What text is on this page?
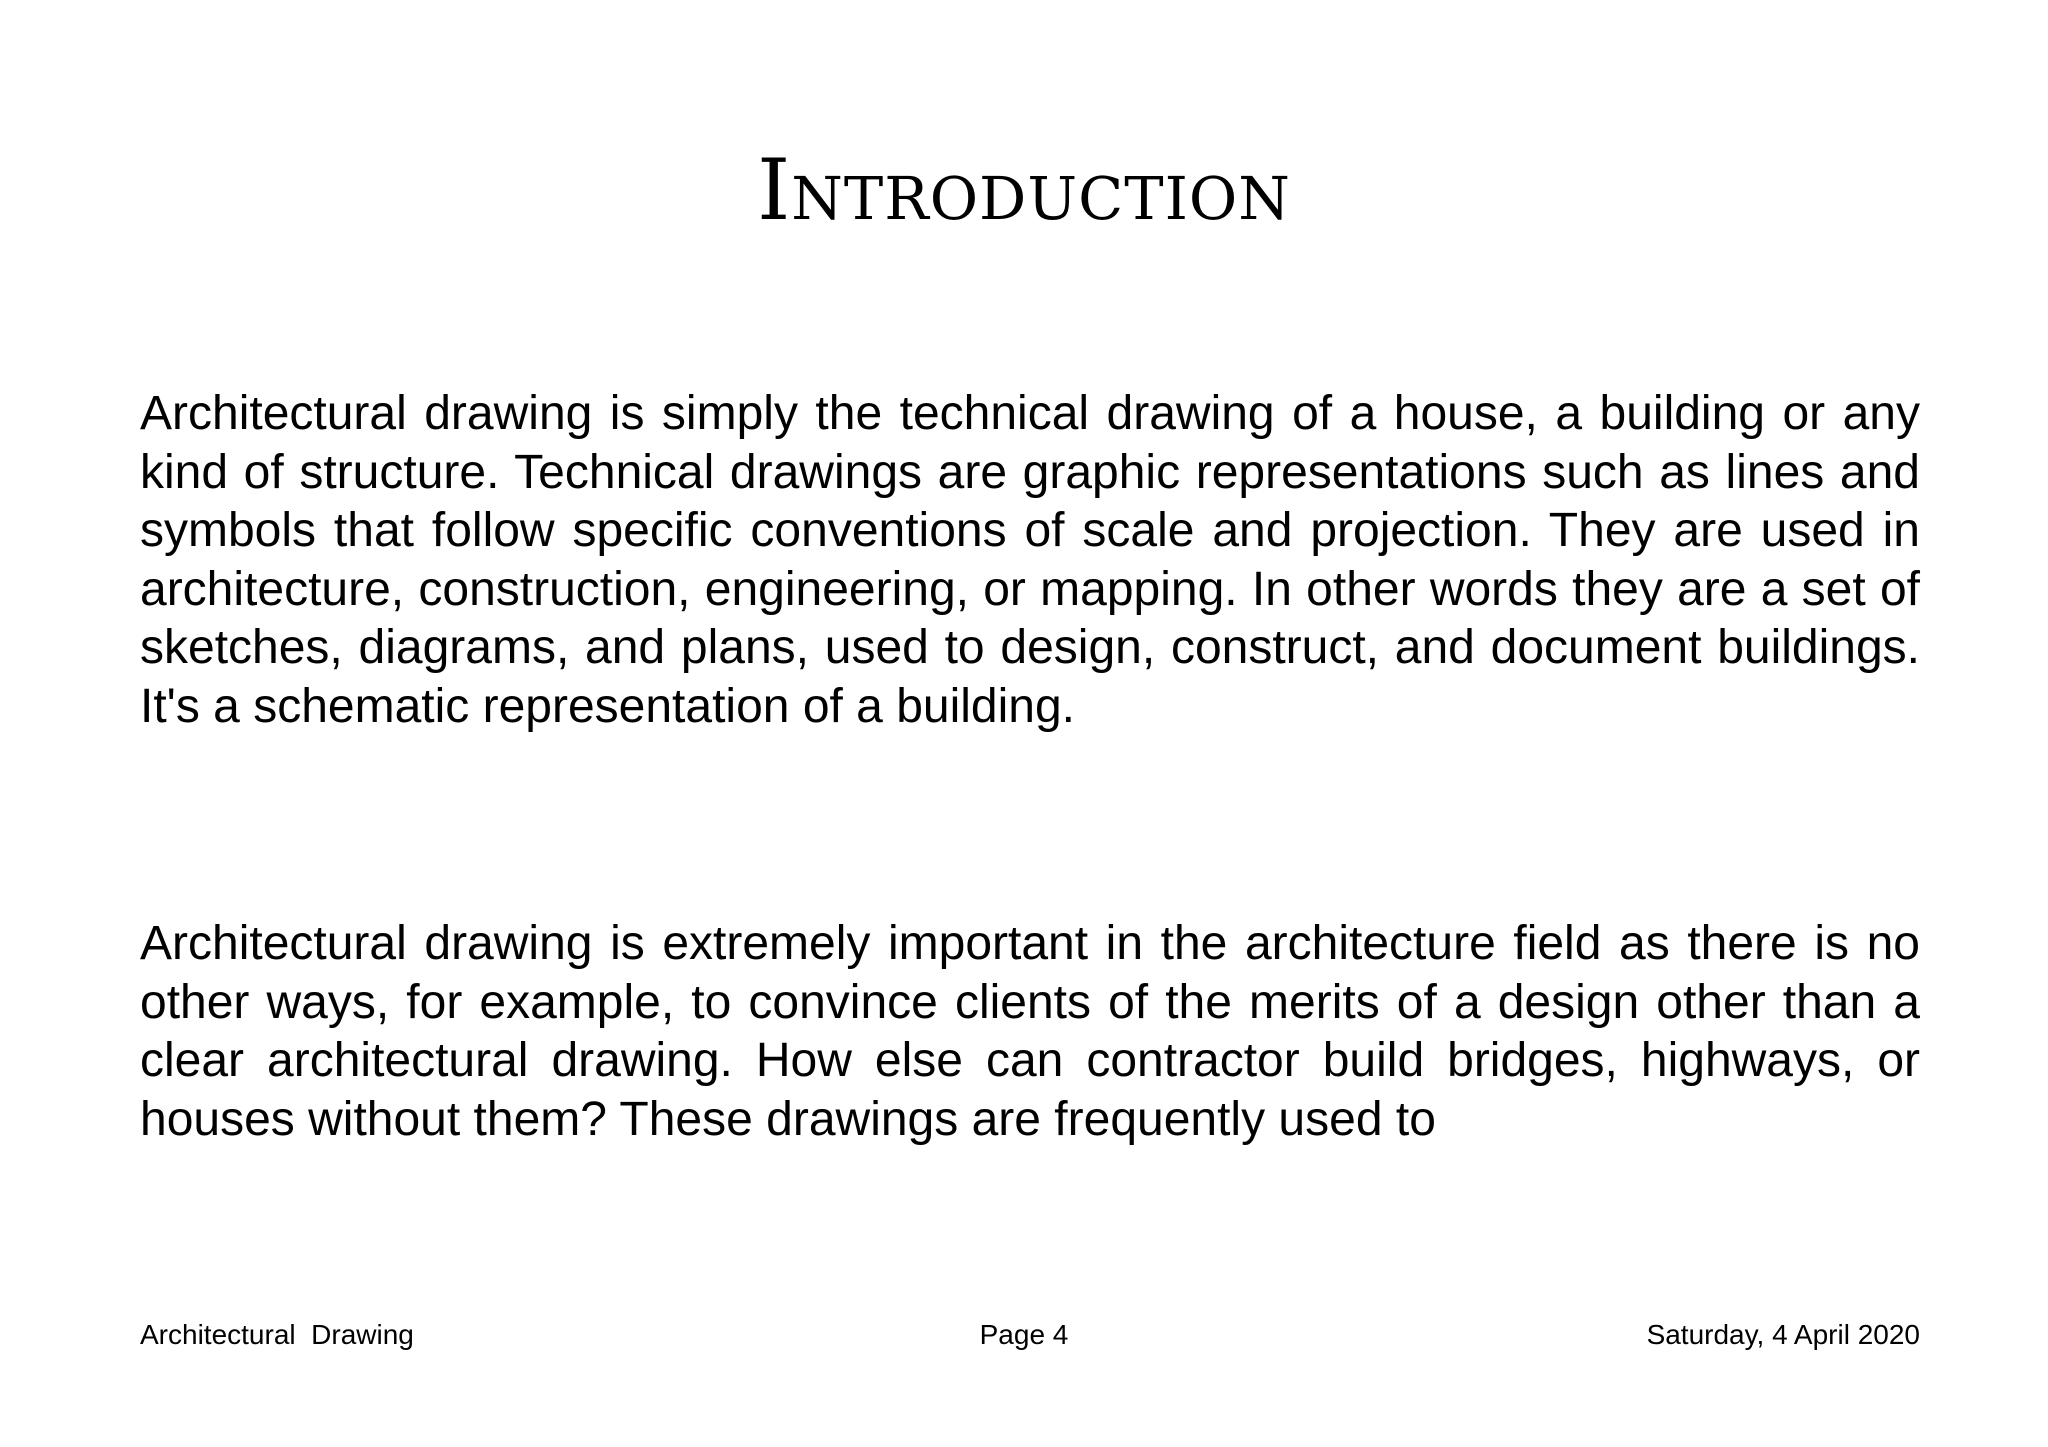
Introduction

Architectural drawing is simply the technical drawing of a house, a building or any kind of structure. Technical drawings are graphic representations such as lines and symbols that follow specific conventions of scale and projection. They are used in architecture, construction, engineering, or mapping. In other words they are a set of sketches, diagrams, and plans, used to design, construct, and document buildings. It's a schematic representation of a building.

Architectural drawing is extremely important in the architecture field as there is no other ways, for example, to convince clients of the merits of a design other than a clear architectural drawing. How else can contractor build bridges, highways, or houses without them? These drawings are frequently used to

Architectural  Drawing	Page 4	Saturday, 4 April 2020
